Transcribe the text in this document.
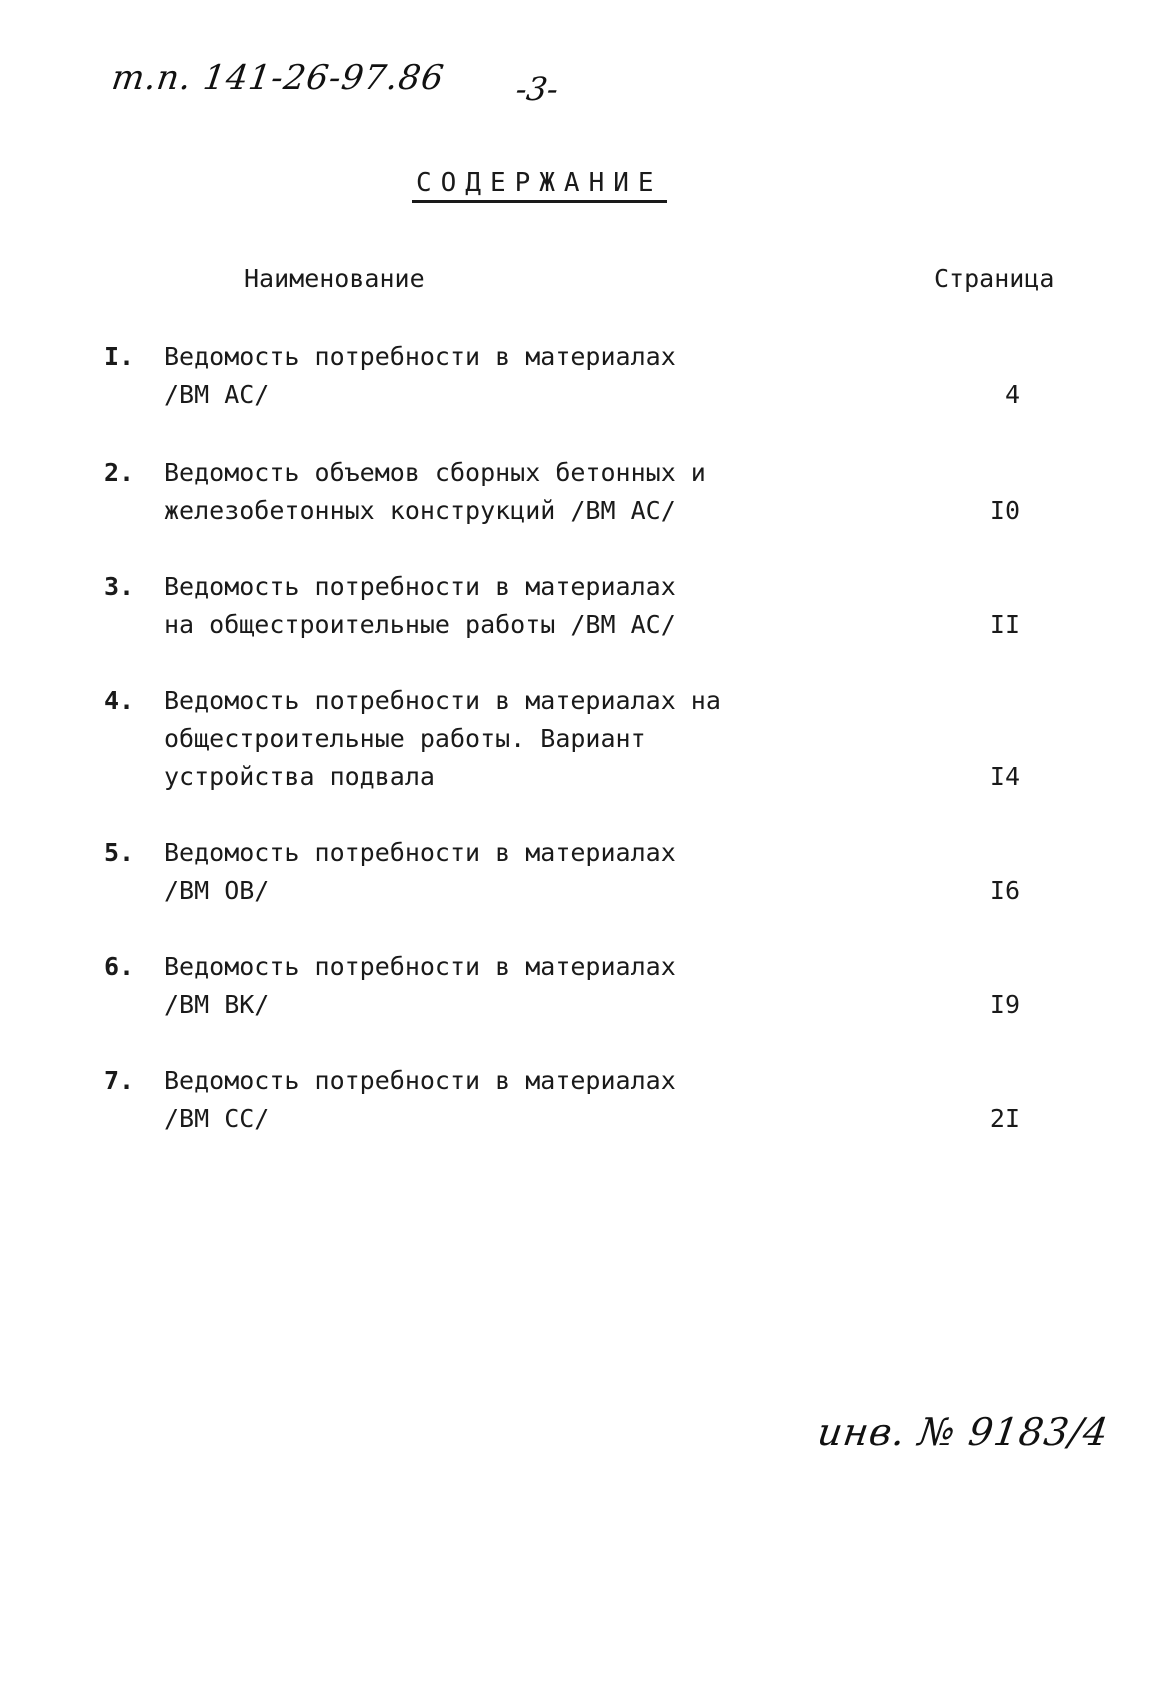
т.п. 141-26-97.86 -3-
СОДЕРЖАНИЕ
Наименование	Страница
I. Ведомость потребности в материалах
/ВМ АС/	4
2. Ведомость объемов сборных бетонных и
железобетонных конструкций /ВМ АС/	I0
3. Ведомость потребности в материалах
на общестроительные работы /ВМ АС/	II
4. Ведомость потребности в материалах на
общестроительные работы. Вариант
устройства подвала	I4
5. Ведомость потребности в материалах
/ВМ ОВ/	I6
6. Ведомость потребности в материалах
/ВМ ВК/	I9
7. Ведомость потребности в материалах
/ВМ СС/	2I
инв. № 9183/4
